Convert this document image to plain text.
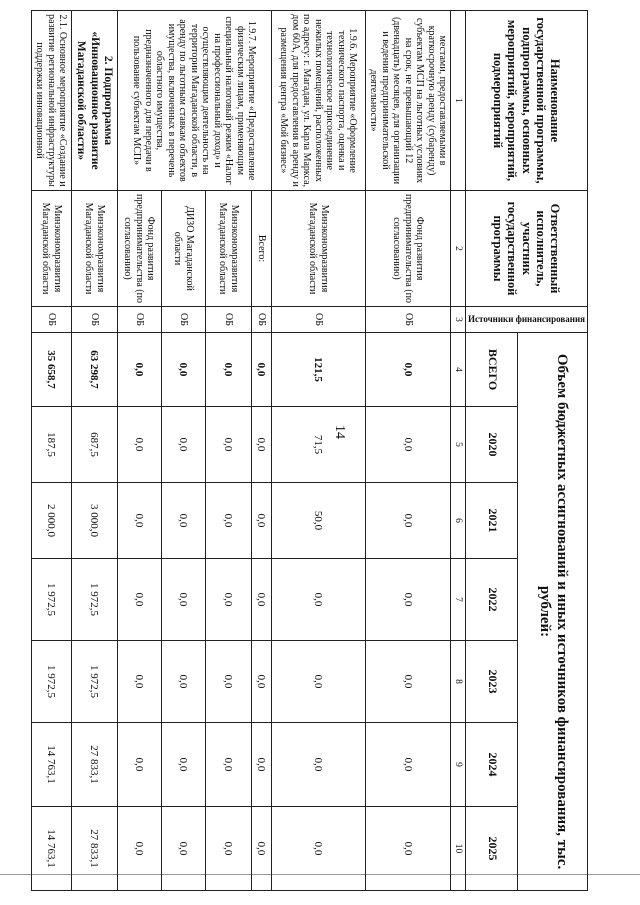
14
Наименование государственной программы, подпрограммы, основных мероприятий, мероприятий, подмероприятий	Ответственный исполнитель, участник государственной программы	Источники финансирования	Объем бюджетных ассигнований и иных источников финансирования, тыс. рублей:						
			ВСЕГО	2020	2021	2022	2023	2024	2025
1	2	3	4	5	6	7	8	9	10
местами, предоставляемыми в краткосрочную аренду (субаренду) субъектам МСП на льготных условиях на срок, не превышающий 12 (двенадцать) месяцев, для организации и ведения предпринимательской деятельности»	Фонд развития предпринимательства (по согласованию)	ОБ	0,0	0,0	0,0	0,0	0,0	0,0	0,0
1.9.6. Мероприятие «Оформление технического паспорта, оценка и технологическое присоединение нежилых помещений, расположенных по адресу: г. Магадан, ул. Карла Маркса, дом 60А, для предоставления в аренду и размещения центра «Мой бизнес»	Минэкономразвития Магаданской области	ОБ	121,5	71,5	50,0	0,0	0,0	0,0	0,0
1.9.7. Мероприятие «Предоставление физическим лицам, применяющим специальный налоговый режим «Налог на профессиональный доход» и осуществляющим деятельность на территории Магаданской области, в аренду по льготным ставкам объектов имущества, включенных в перечень областного имущества, предназначенного для передачи в пользование субъектам МСП»	Всего:	ОБ	0,0	0,0	0,0	0,0	0,0	0,0	0,0
	Минэкономразвития Магаданской области	ОБ	0,0	0,0	0,0	0,0	0,0	0,0	0,0
	ДИЗО Магаданской области	ОБ	0,0	0,0	0,0	0,0	0,0	0,0	0,0
	Фонд развития предпринимательства (по согласованию)	ОБ	0,0	0,0	0,0	0,0	0,0	0,0	0,0
2. Подпрограмма «Инновационное развитие Магаданской области»	Минэкономразвития Магаданской области	ОБ	63 298,7	687,5	3 000,0	1 972,5	1 972,5	27 833,1	27 833,1
2.1. Основное мероприятие «Создание и развитие региональной инфраструктуры поддержки инновационной	Минэкономразвития Магаданской области	ОБ	35 658,7	187,5	2 000,0	1 972,5	1 972,5	14 763,1	14 763,1
